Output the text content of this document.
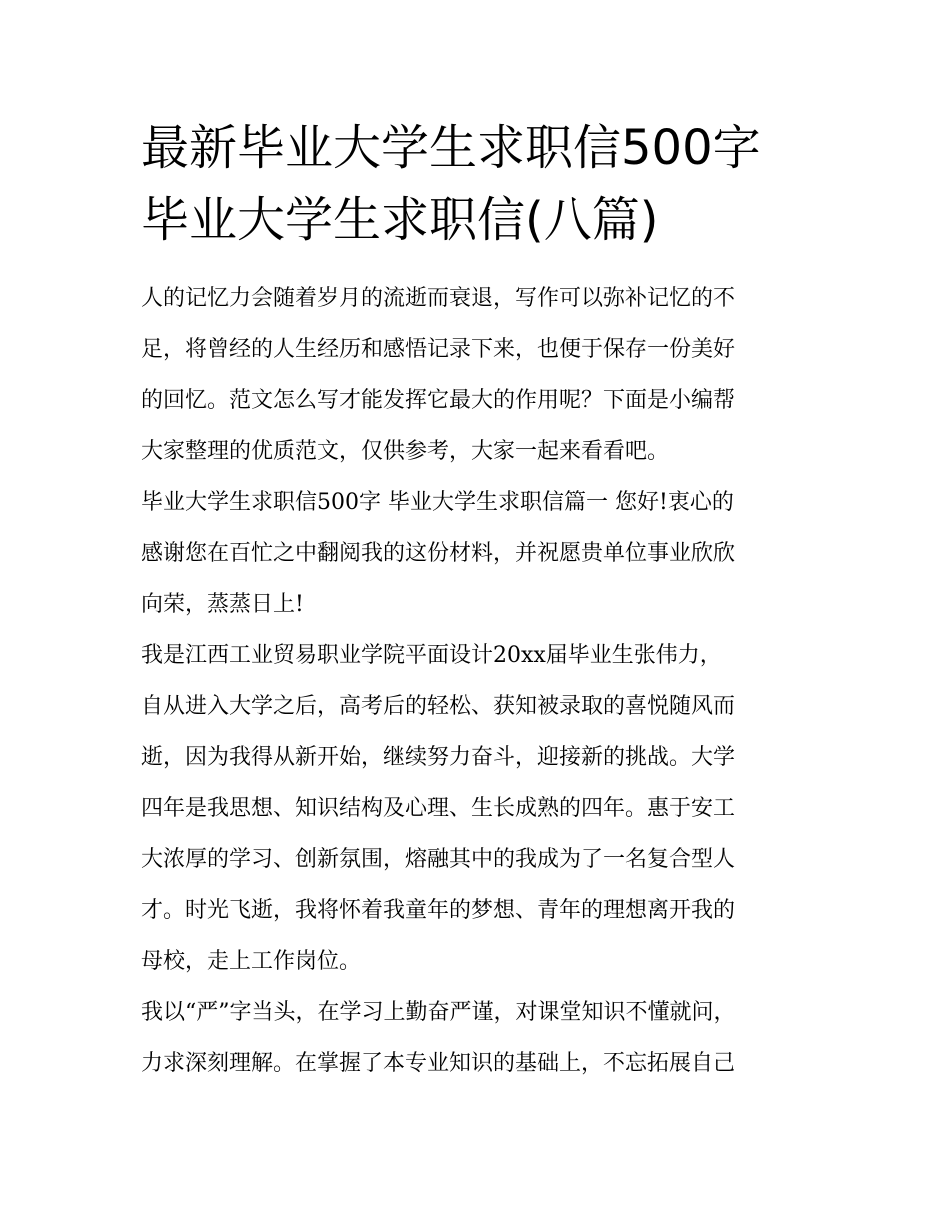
最新毕业大学生求职信500字
毕业大学生求职信(八篇)

人的记忆力会随着岁月的流逝而衰退，写作可以弥补记忆的不
足，将曾经的人生经历和感悟记录下来，也便于保存一份美好
的回忆。范文怎么写才能发挥它最大的作用呢？下面是小编帮
大家整理的优质范文，仅供参考，大家一起来看看吧。

毕业大学生求职信500字 毕业大学生求职信篇一 您好!衷心的
感谢您在百忙之中翻阅我的这份材料，并祝愿贵单位事业欣欣
向荣，蒸蒸日上!

我是江西工业贸易职业学院平面设计20xx届毕业生张伟力，
自从进入大学之后，高考后的轻松、获知被录取的喜悦随风而
逝，因为我得从新开始，继续努力奋斗，迎接新的挑战。大学
四年是我思想、知识结构及心理、生长成熟的四年。惠于安工
大浓厚的学习、创新氛围，熔融其中的我成为了一名复合型人
才。时光飞逝，我将怀着我童年的梦想、青年的理想离开我的
母校，走上工作岗位。

我以“严”字当头，在学习上勤奋严谨，对课堂知识不懂就问，
力求深刻理解。在掌握了本专业知识的基础上，不忘拓展自己
